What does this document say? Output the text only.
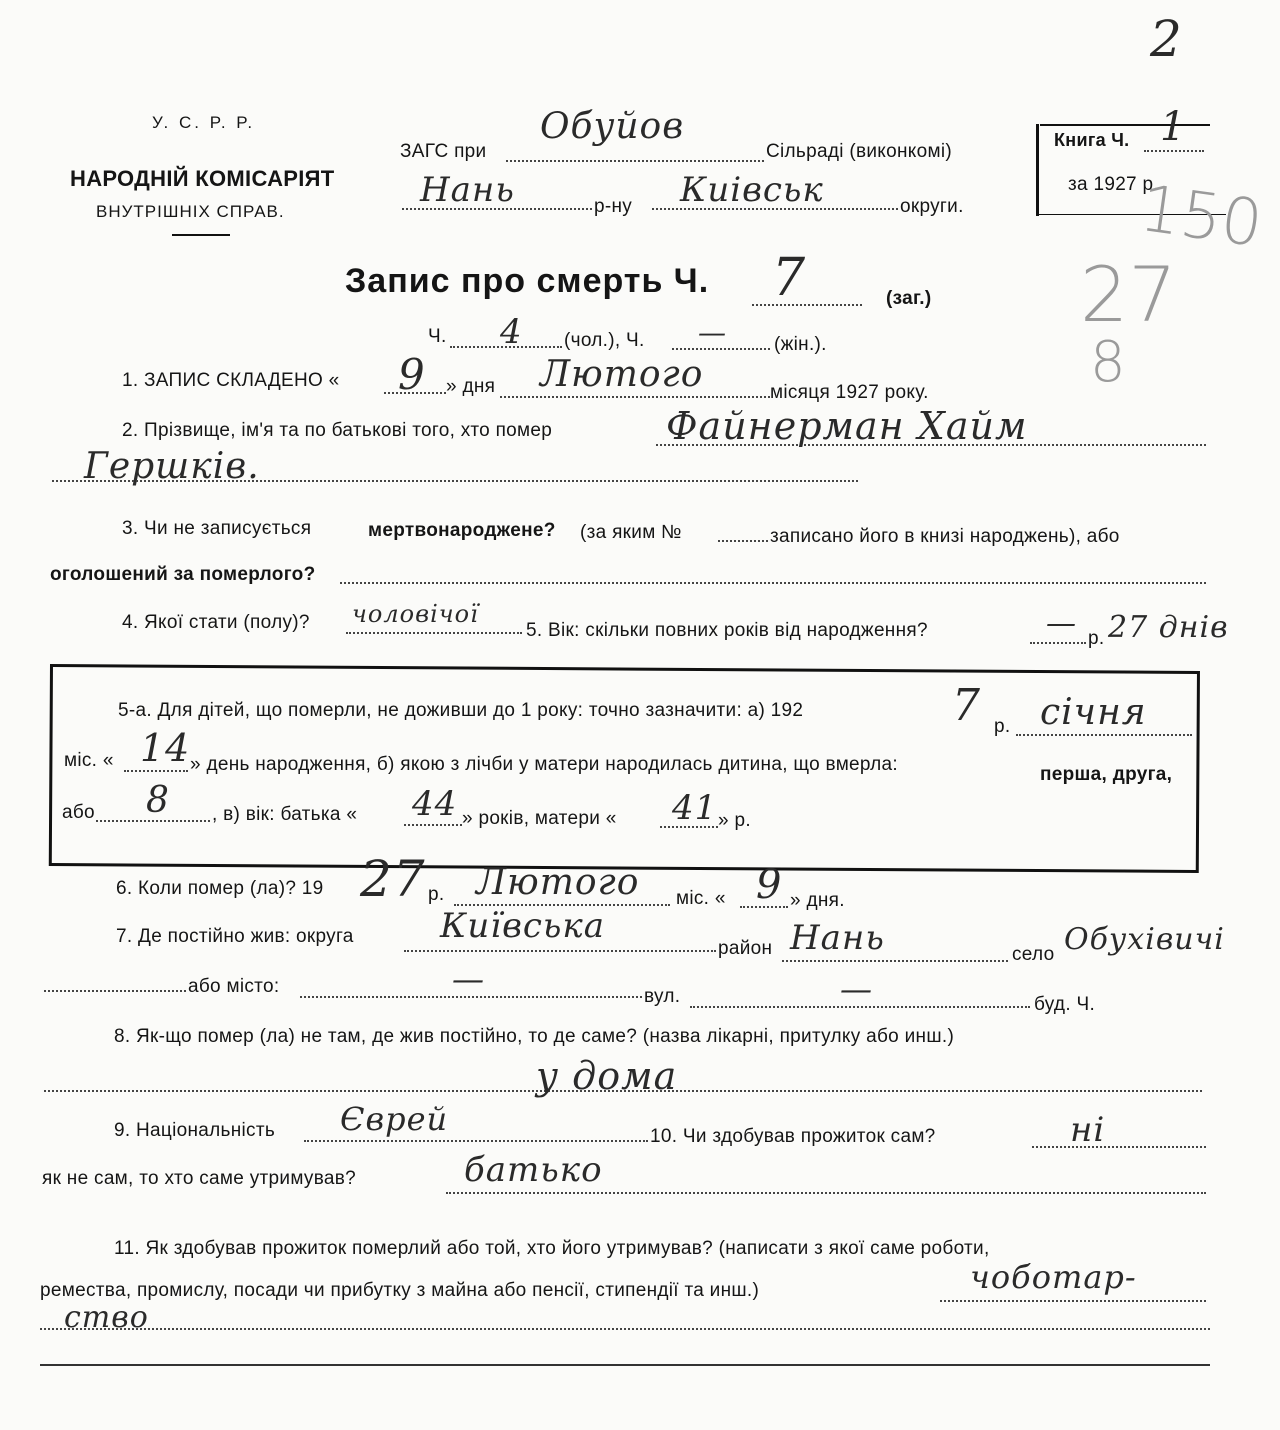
2
У. С. Р. Р.
НАРОДНІЙ КОМІСАРІЯТ
ВНУТРІШНІХ СПРАВ.
ЗАГС при
Обуйов
Сільраді (виконкомі)
Нань	р-ну Киівськ	округи.
Книга Ч. 1
за 1927 р.
150
27
8
Запис про смерть Ч. 7	(заг.)
Ч. 4 (чол.), Ч. — (жін.).
1. ЗАПИС СКЛАДЕНО « 9 » дня Лютого	місяця 1927 року.
2. Прізвище, ім'я та по батькові того, хто помер	Файнерман Хайм
Гершків.
3. Чи не записується	мертвонароджене? (за яким №	записано його в книзі народжень), або
оголошений за померлого?
4. Якої стати (полу)? чоловічої
5. Вік: скільки повних років від народження?	— р. 27 днів
5-а. Для дітей, що померли, не доживши до 1 року: точно зазначити: а) 192	7 р. січня
міс. « 14 » день народження, б) якою з лічби у матери народилась дитина, що вмерла:	перша, друга,
або 8 , в) вік: батька « 44 » років, матери « 41 » р.
6. Коли помер (ла)? 19 27 р. Лютого міс. « 9 » дня.
7. Де постійно жив: округа	Київська
район Нань	село Обухівичі
або місто:	—	вул.	—	буд. Ч.
8. Як-що помер (ла) не там, де жив постійно, то де саме? (назва лікарні, притулку або инш.)
у дома
9. Національність Єврей	10. Чи здобував прожиток сам?	ні
як не сам, то хто саме утримував?	батько
11. Як здобував прожиток померлий або той, хто його утримував? (написати з якої саме роботи,
ремества, промислу, посади чи прибутку з майна або пенсії, стипендії та инш.)	чоботар-
ство
